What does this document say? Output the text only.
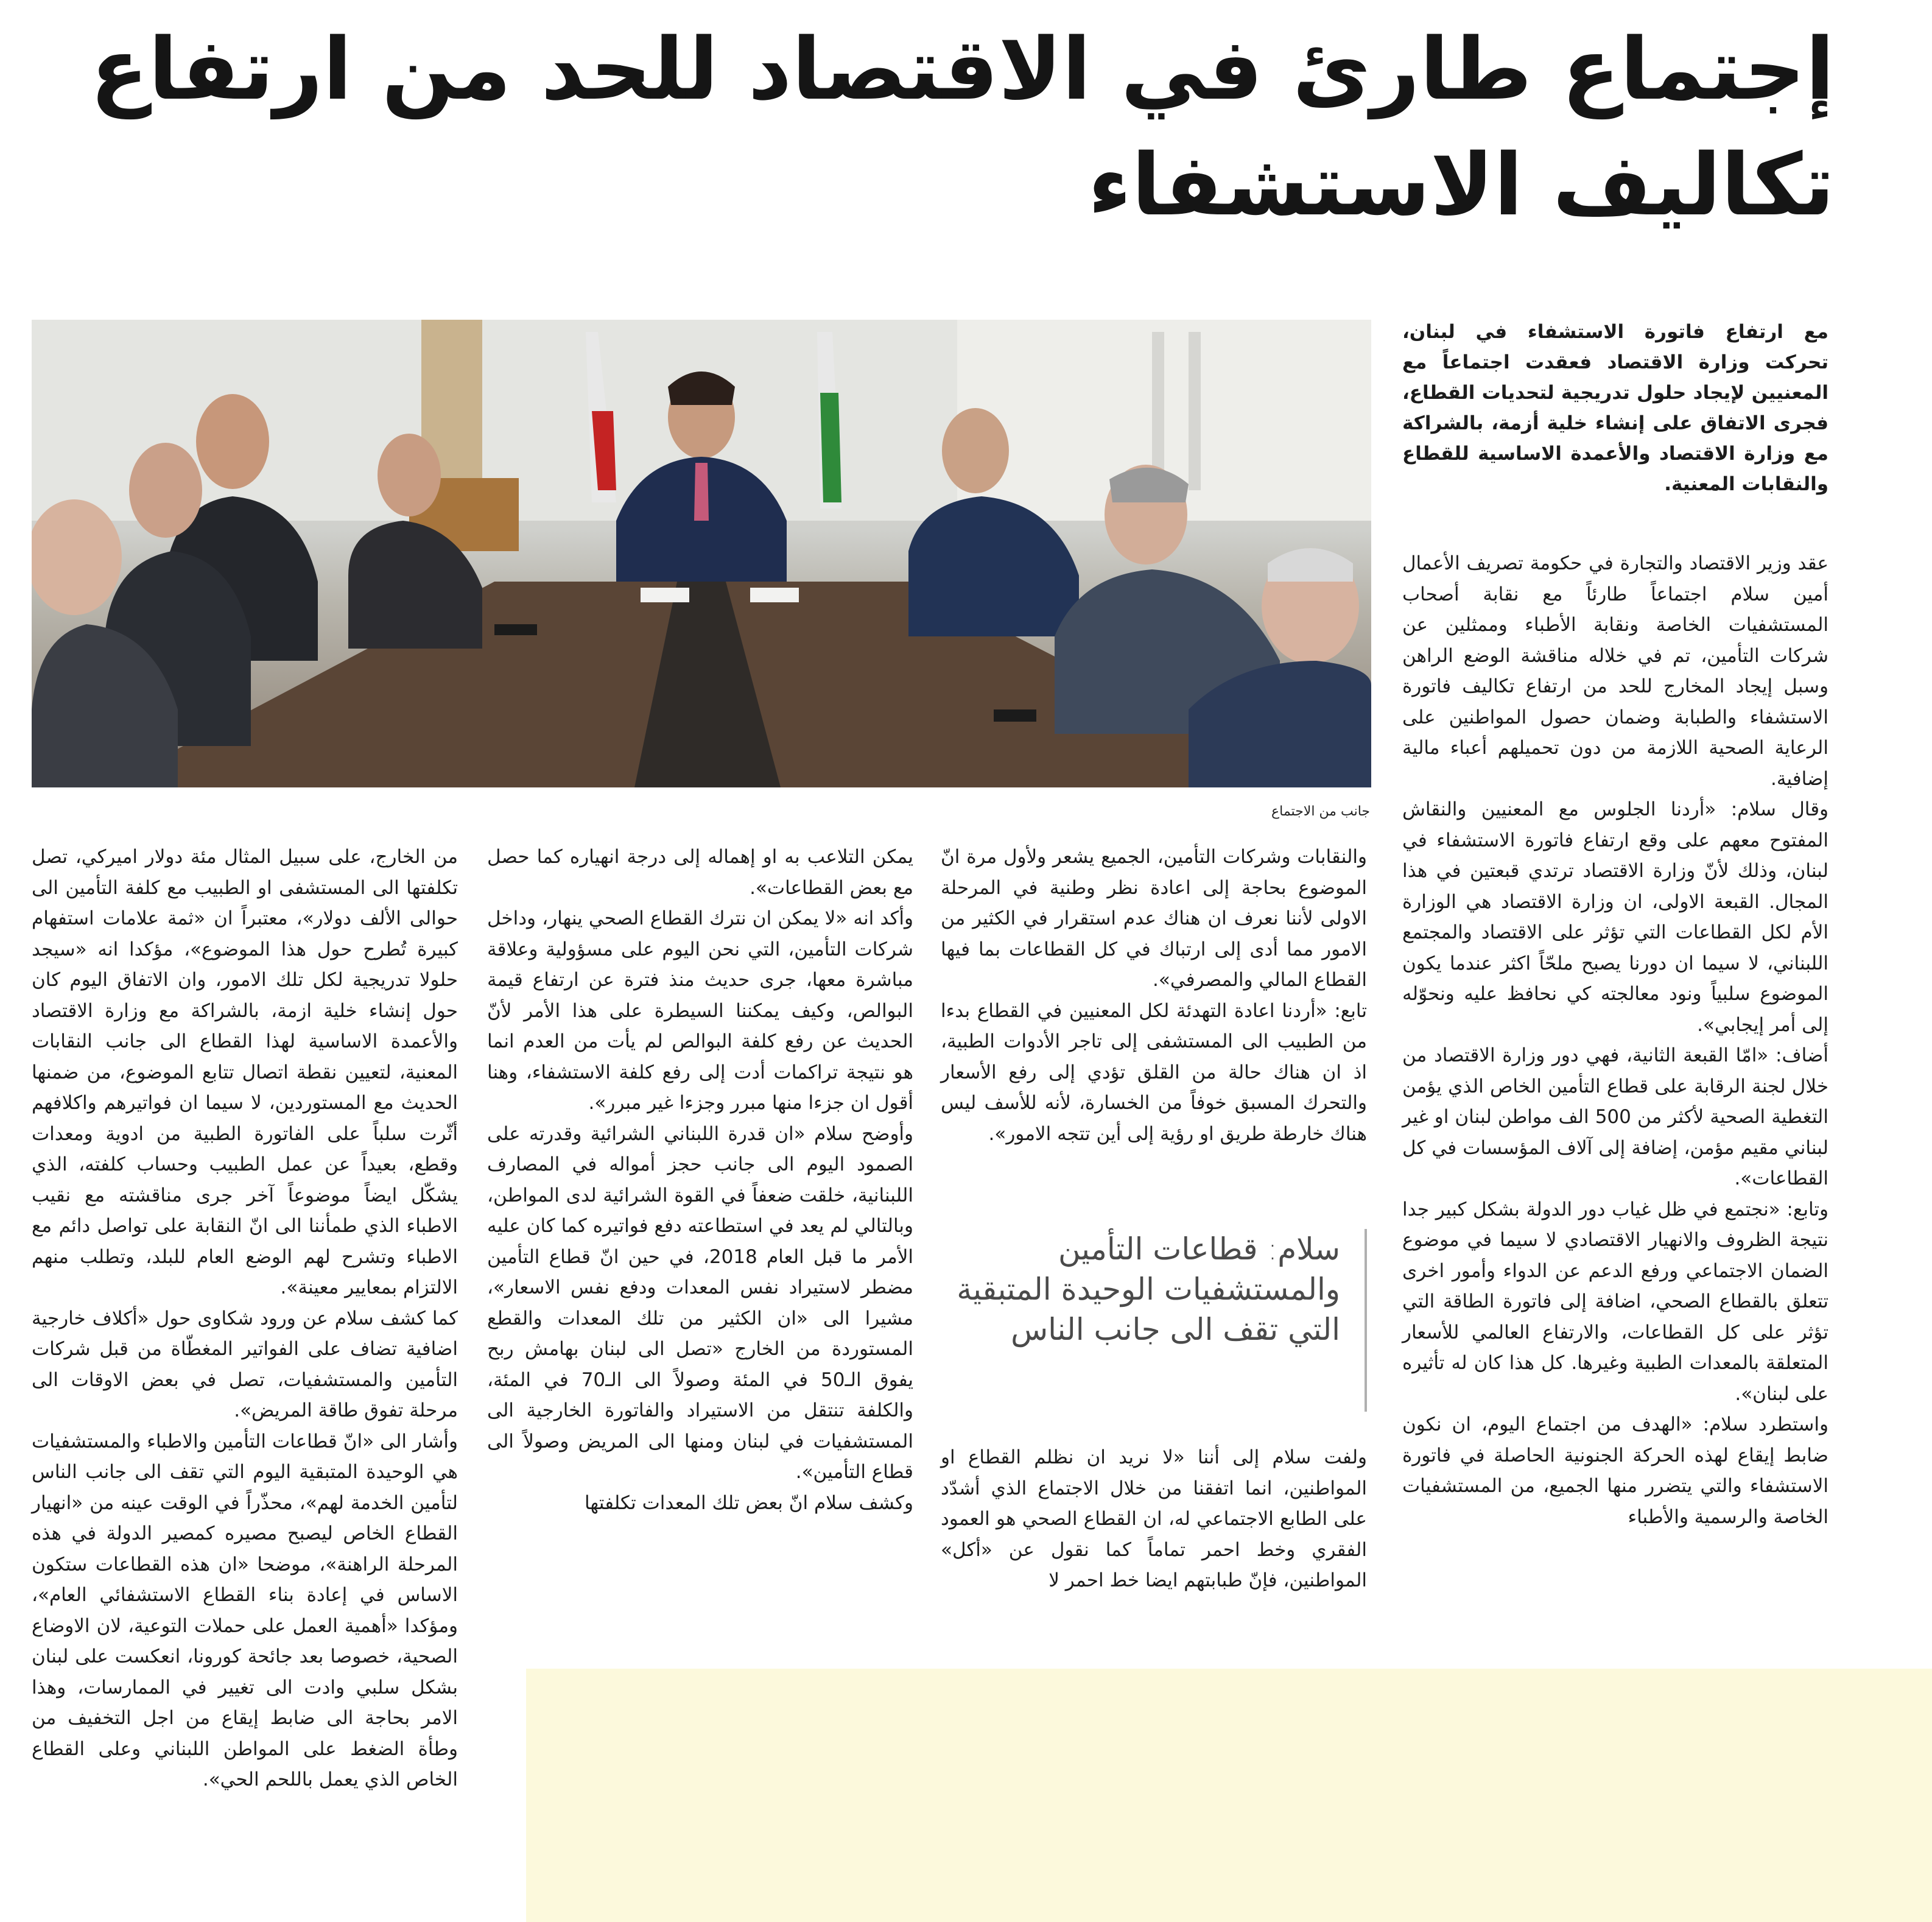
إجتماع طارئ في الاقتصاد للحد من ارتفاع تكاليف الاستشفاء
مع ارتفاع فاتورة الاستشفاء في لبنان، تحركت وزارة الاقتصاد فعقدت اجتماعاً مع المعنيين لإيجاد حلول تدريجية لتحديات القطاع، فجرى الاتفاق على إنشاء خلية أزمة، بالشراكة مع وزارة الاقتصاد والأعمدة الاساسية للقطاع والنقابات المعنية.
جانب من الاجتماع

عقد وزير الاقتصاد والتجارة في حكومة تصريف الأعمال أمين سلام اجتماعاً طارئاً مع نقابة أصحاب المستشفيات الخاصة ونقابة الأطباء وممثلين عن شركات التأمين، تم في خلاله مناقشة الوضع الراهن وسبل إيجاد المخارج للحد من ارتفاع تكاليف فاتورة الاستشفاء والطبابة وضمان حصول المواطنين على الرعاية الصحية اللازمة من دون تحميلهم أعباء مالية إضافية.

وقال سلام: «أردنا الجلوس مع المعنيين والنقاش المفتوح معهم على وقع ارتفاع فاتورة الاستشفاء في لبنان، وذلك لأنّ وزارة الاقتصاد ترتدي قبعتين في هذا المجال. القبعة الاولى، ان وزارة الاقتصاد هي الوزارة الأم لكل القطاعات التي تؤثر على الاقتصاد والمجتمع اللبناني، لا سيما ان دورنا يصبح ملحّاً اكثر عندما يكون الموضوع سلبياً ونود معالجته كي نحافظ عليه ونحوّله إلى أمر إيجابي».

أضاف: «امّا القبعة الثانية، فهي دور وزارة الاقتصاد من خلال لجنة الرقابة على قطاع التأمين الخاص الذي يؤمن التغطية الصحية لأكثر من 500 الف مواطن لبنان او غير لبناني مقيم مؤمن، إضافة إلى آلاف المؤسسات في كل القطاعات».

وتابع: «نجتمع في ظل غياب دور الدولة بشكل كبير جدا نتيجة الظروف والانهيار الاقتصادي لا سيما في موضوع الضمان الاجتماعي ورفع الدعم عن الدواء وأمور اخرى تتعلق بالقطاع الصحي، اضافة إلى فاتورة الطاقة التي تؤثر على كل القطاعات، والارتفاع العالمي للأسعار المتعلقة بالمعدات الطبية وغيرها. كل هذا كان له تأثيره على لبنان».

واستطرد سلام: «الهدف من اجتماع اليوم، ان نكون ضابط إيقاع لهذه الحركة الجنونية الحاصلة في فاتورة الاستشفاء والتي يتضرر منها الجميع، من المستشفيات الخاصة والرسمية والأطباء

والنقابات وشركات التأمين، الجميع يشعر ولأول مرة انّ الموضوع بحاجة إلى اعادة نظر وطنية في المرحلة الاولى لأننا نعرف ان هناك عدم استقرار في الكثير من الامور مما أدى إلى ارتباك في كل القطاعات بما فيها القطاع المالي والمصرفي».

تابع: «أردنا اعادة التهدئة لكل المعنيين في القطاع بدءا من الطبيب الى المستشفى إلى تاجر الأدوات الطبية، اذ ان هناك حالة من القلق تؤدي إلى رفع الأسعار والتحرك المسبق خوفاً من الخسارة، لأنه للأسف ليس هناك خارطة طريق او رؤية إلى أين تتجه الامور».

سلام: قطاعات التأمين والمستشفيات الوحيدة المتبقية التي تقف الى جانب الناس

ولفت سلام إلى أننا «لا نريد ان نظلم القطاع او المواطنين، انما اتفقنا من خلال الاجتماع الذي أشدّد على الطابع الاجتماعي له، ان القطاع الصحي هو العمود الفقري وخط احمر تماماً كما نقول عن «أكل» المواطنين، فإنّ طبابتهم ايضا خط احمر لا

يمكن التلاعب به او إهماله إلى درجة انهياره كما حصل مع بعض القطاعات».

وأكد انه «لا يمكن ان نترك القطاع الصحي ينهار، وداخل شركات التأمين، التي نحن اليوم على مسؤولية وعلاقة مباشرة معها، جرى حديث منذ فترة عن ارتفاع قيمة البوالص، وكيف يمكننا السيطرة على هذا الأمر لأنّ الحديث عن رفع كلفة البوالص لم يأت من العدم انما هو نتيجة تراكمات أدت إلى رفع كلفة الاستشفاء، وهنا أقول ان جزءا منها مبرر وجزءا غير مبرر».

وأوضح سلام «ان قدرة اللبناني الشرائية وقدرته على الصمود اليوم الى جانب حجز أمواله في المصارف اللبنانية، خلقت ضعفاً في القوة الشرائية لدى المواطن، وبالتالي لم يعد في استطاعته دفع فواتيره كما كان عليه الأمر ما قبل العام 2018، في حين انّ قطاع التأمين مضطر لاستيراد نفس المعدات ودفع نفس الاسعار»، مشيرا الى «ان الكثير من تلك المعدات والقطع المستوردة من الخارج «تصل الى لبنان بهامش ربح يفوق الـ50 في المئة وصولاً الى الـ70 في المئة، والكلفة تنتقل من الاستيراد والفاتورة الخارجية الى المستشفيات في لبنان ومنها الى المريض وصولاً الى قطاع التأمين».

وكشف سلام انّ بعض تلك المعدات تكلفتها

من الخارج، على سبيل المثال مئة دولار اميركي، تصل تكلفتها الى المستشفى او الطبيب مع كلفة التأمين الى حوالى الألف دولار»، معتبراً ان «ثمة علامات استفهام كبيرة تُطرح حول هذا الموضوع»، مؤكدا انه «سيجد حلولا تدريجية لكل تلك الامور، وان الاتفاق اليوم كان حول إنشاء خلية ازمة، بالشراكة مع وزارة الاقتصاد والأعمدة الاساسية لهذا القطاع الى جانب النقابات المعنية، لتعيين نقطة اتصال تتابع الموضوع، من ضمنها الحديث مع المستوردين، لا سيما ان فواتيرهم واكلافهم أثّرت سلباً على الفاتورة الطبية من ادوية ومعدات وقطع، بعيداً عن عمل الطبيب وحساب كلفته، الذي يشكّل ايضاً موضوعاً آخر جرى مناقشته مع نقيب الاطباء الذي طمأننا الى انّ النقابة على تواصل دائم مع الاطباء وتشرح لهم الوضع العام للبلد، وتطلب منهم الالتزام بمعايير معينة».

كما كشف سلام عن ورود شكاوى حول «أكلاف خارجية اضافية تضاف على الفواتير المغطّاة من قبل شركات التأمين والمستشفيات، تصل في بعض الاوقات الى مرحلة تفوق طاقة المريض».

وأشار الى «انّ قطاعات التأمين والاطباء والمستشفيات هي الوحيدة المتبقية اليوم التي تقف الى جانب الناس لتأمين الخدمة لهم»، محذّراً في الوقت عينه من «انهيار القطاع الخاص ليصبح مصيره كمصير الدولة في هذه المرحلة الراهنة»، موضحا «ان هذه القطاعات ستكون الاساس في إعادة بناء القطاع الاستشفائي العام»، ومؤكدا «أهمية العمل على حملات التوعية، لان الاوضاع الصحية، خصوصا بعد جائحة كورونا، انعكست على لبنان بشكل سلبي وادت الى تغيير في الممارسات، وهذا الامر بحاجة الى ضابط إيقاع من اجل التخفيف من وطأة الضغط على المواطن اللبناني وعلى القطاع الخاص الذي يعمل باللحم الحي».
